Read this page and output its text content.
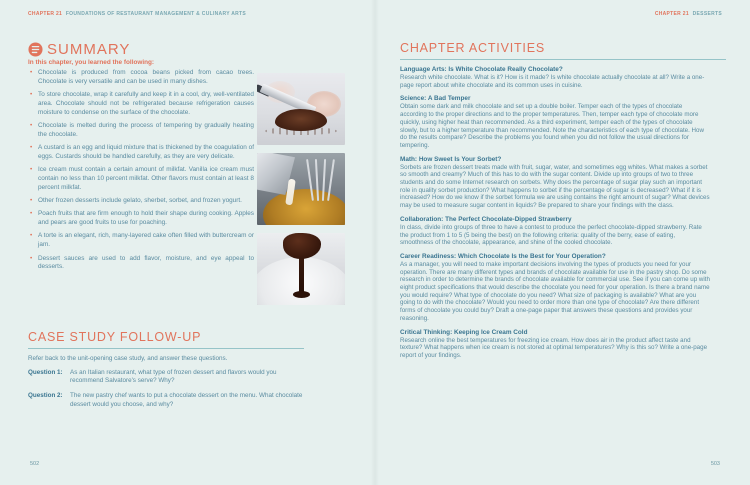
CHAPTER 21 FOUNDATIONS OF RESTAURANT MANAGEMENT & CULINARY ARTS	CHAPTER 21 DESSERTS
SUMMARY
In this chapter, you learned the following:
• Chocolate is produced from cocoa beans picked from cacao trees. Chocolate is very versatile and can be used in many dishes.
• To store chocolate, wrap it carefully and keep it in a cool, dry, well-ventilated area. Chocolate should not be refrigerated because refrigeration causes moisture to condense on the surface of the chocolate.
• Chocolate is melted during the process of tempering by gradually heating the chocolate.
• A custard is an egg and liquid mixture that is thickened by the coagulation of eggs. Custards should be handled carefully, as they are very delicate.
• Ice cream must contain a certain amount of milkfat. Vanilla ice cream must contain no less than 10 percent milkfat. Other flavors must contain at least 8 percent milkfat.
• Other frozen desserts include gelato, sherbet, sorbet, and frozen yogurt.
• Poach fruits that are firm enough to hold their shape during cooking. Apples and pears are good fruits to use for poaching.
• A torte is an elegant, rich, many-layered cake often filled with buttercream or jam.
• Dessert sauces are used to add flavor, moisture, and eye appeal to desserts.
CASE STUDY FOLLOW-UP
Refer back to the unit-opening case study, and answer these questions.
Question 1:	As an Italian restaurant, what type of frozen dessert and flavors would you recommend Salvatore's serve? Why?
Question 2:	The new pastry chef wants to put a chocolate dessert on the menu. What chocolate dessert would you choose, and why?
502
CHAPTER ACTIVITIES
Language Arts: Is White Chocolate Really Chocolate?

Research white chocolate. What is it? How is it made? Is white chocolate actually chocolate at all? Write a one-page report about white chocolate and its common uses in cuisine.

Science: A Bad Temper

Obtain some dark and milk chocolate and set up a double boiler. Temper each of the types of chocolate according to the proper directions and to the proper temperatures. Then, temper each type of chocolate more quickly, using higher heat than recommended. As a third experiment, temper each of the types of chocolate slowly, but to a higher temperature than recommended. Note the characteristics of each type of chocolate. How do the results compare? Describe the problems you found when you did not follow the usual directions for tempering.

Math: How Sweet Is Your Sorbet?

Sorbets are frozen dessert treats made with fruit, sugar, water, and sometimes egg whites. What makes a sorbet so smooth and creamy? Much of this has to do with the sugar content. Divide up into groups of two to three students and do some Internet research on sorbets. Why does the percentage of sugar play such an important role in quality sorbet production? What happens to sorbet if the percentage of sugar is decreased? What if it is increased? How do we know if the sorbet formula we are using contains the right amount of sugar? What devices may be used to measure sugar content in liquids? Be prepared to share your findings with the class.

Collaboration: The Perfect Chocolate-Dipped Strawberry

In class, divide into groups of three to have a contest to produce the perfect chocolate-dipped strawberry. Rate the product from 1 to 5 (5 being the best) on the following criteria: quality of the berry, ease of eating, smoothness of the chocolate, appearance, and shine of the cooled chocolate.

Career Readiness: Which Chocolate Is the Best for Your Operation?

As a manager, you will need to make important decisions involving the types of products you need for your operation. There are many different types and brands of chocolate available for use in the pastry shop. Do some research in order to determine the brands of chocolate available for commercial use. See if you can come up with eight product specifications that would describe the chocolate you need for your operation. Is there a brand name you would require? What type of chocolate do you need? What size of packaging is available? What are you going to do with the chocolate? Would you need to order more than one type of chocolate? Are there different forms of chocolate you could buy? Draft a one-page paper that answers these questions and provides your reasoning.

Critical Thinking: Keeping Ice Cream Cold

Research online the best temperatures for freezing ice cream. How does air in the product affect taste and texture? What happens when ice cream is not stored at optimal temperatures? Why is this so? Write a one-page report of your findings.

503
